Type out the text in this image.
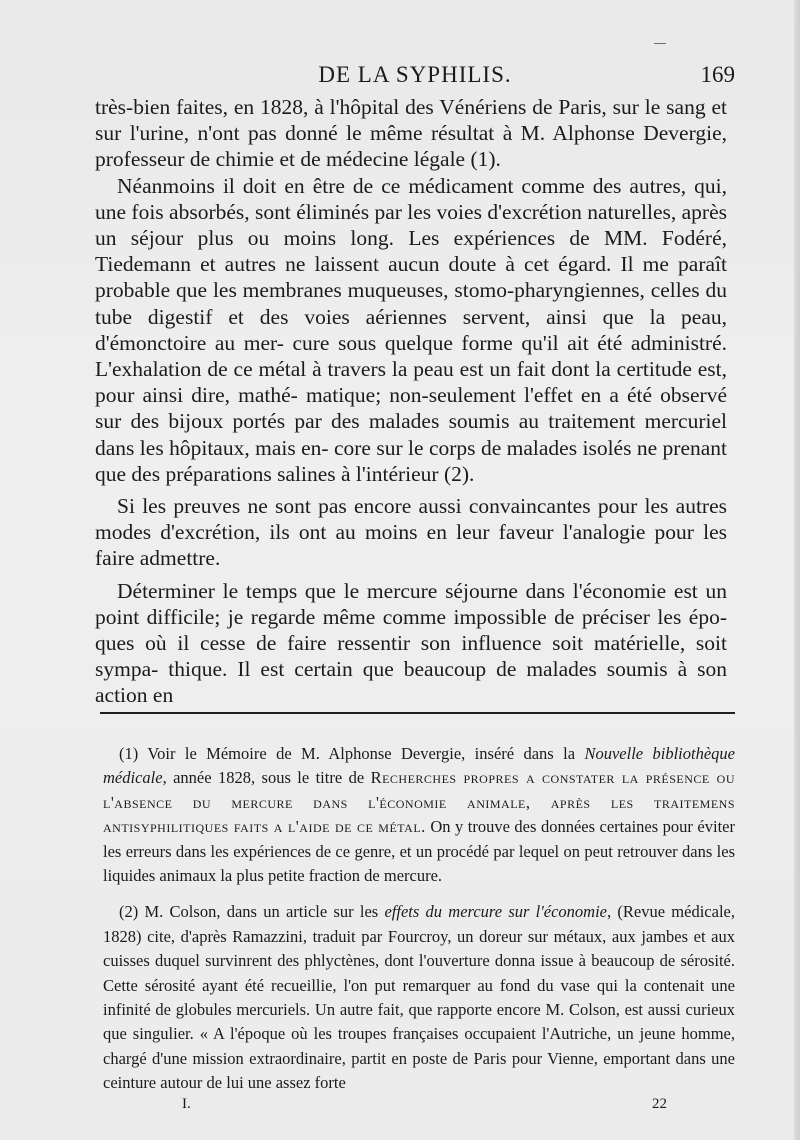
DE LA SYPHILIS.	169

très-bien faites, en 1828, à l'hôpital des Vénériens de Paris, sur le sang et sur l'urine, n'ont pas donné le même résultat à M. Alphonse Devergie, professeur de chimie et de médecine légale (1).

Néanmoins il doit en être de ce médicament comme des autres, qui, une fois absorbés, sont éliminés par les voies d'excrétion naturelles, après un séjour plus ou moins long. Les expériences de MM. Fodéré, Tiedemann et autres ne laissent aucun doute à cet égard. Il me paraît probable que les membranes muqueuses, stomo-pharyngiennes, celles du tube digestif et des voies aériennes servent, ainsi que la peau, d'émonctoire au mer- cure sous quelque forme qu'il ait été administré. L'exhalation de ce métal à travers la peau est un fait dont la certitude est, pour ainsi dire, mathé- matique; non-seulement l'effet en a été observé sur des bijoux portés par des malades soumis au traitement mercuriel dans les hôpitaux, mais en- core sur le corps de malades isolés ne prenant que des préparations salines à l'intérieur (2).

Si les preuves ne sont pas encore aussi convaincantes pour les autres modes d'excrétion, ils ont au moins en leur faveur l'analogie pour les faire admettre.

Déterminer le temps que le mercure séjourne dans l'économie est un point difficile; je regarde même comme impossible de préciser les épo- ques où il cesse de faire ressentir son influence soit matérielle, soit sympa- thique. Il est certain que beaucoup de malades soumis à son action en

(1) Voir le Mémoire de M. Alphonse Devergie, inséré dans la Nouvelle bibliothèque médicale, année 1828, sous le titre de Recherches propres a constater la présence ou l'absence du mercure dans l'économie animale, après les traitemens antisyphilitiques faits a l'aide de ce métal. On y trouve des données certaines pour éviter les erreurs dans les expériences de ce genre, et un procédé par lequel on peut retrouver dans les liquides animaux la plus petite fraction de mercure.

(2) M. Colson, dans un article sur les effets du mercure sur l'économie, (Revue médicale, 1828) cite, d'après Ramazzini, traduit par Fourcroy, un doreur sur métaux, aux jambes et aux cuisses duquel survinrent des phlyctènes, dont l'ouverture donna issue à beaucoup de sérosité. Cette sérosité ayant été recueillie, l'on put remarquer au fond du vase qui la contenait une infinité de globules mercuriels. Un autre fait, que rapporte encore M. Colson, est aussi curieux que singulier. « A l'époque où les troupes françaises occupaient l'Autriche, un jeune homme, chargé d'une mission extraordinaire, partit en poste de Paris pour Vienne, emportant dans une ceinture autour de lui une assez forte

I.	22
